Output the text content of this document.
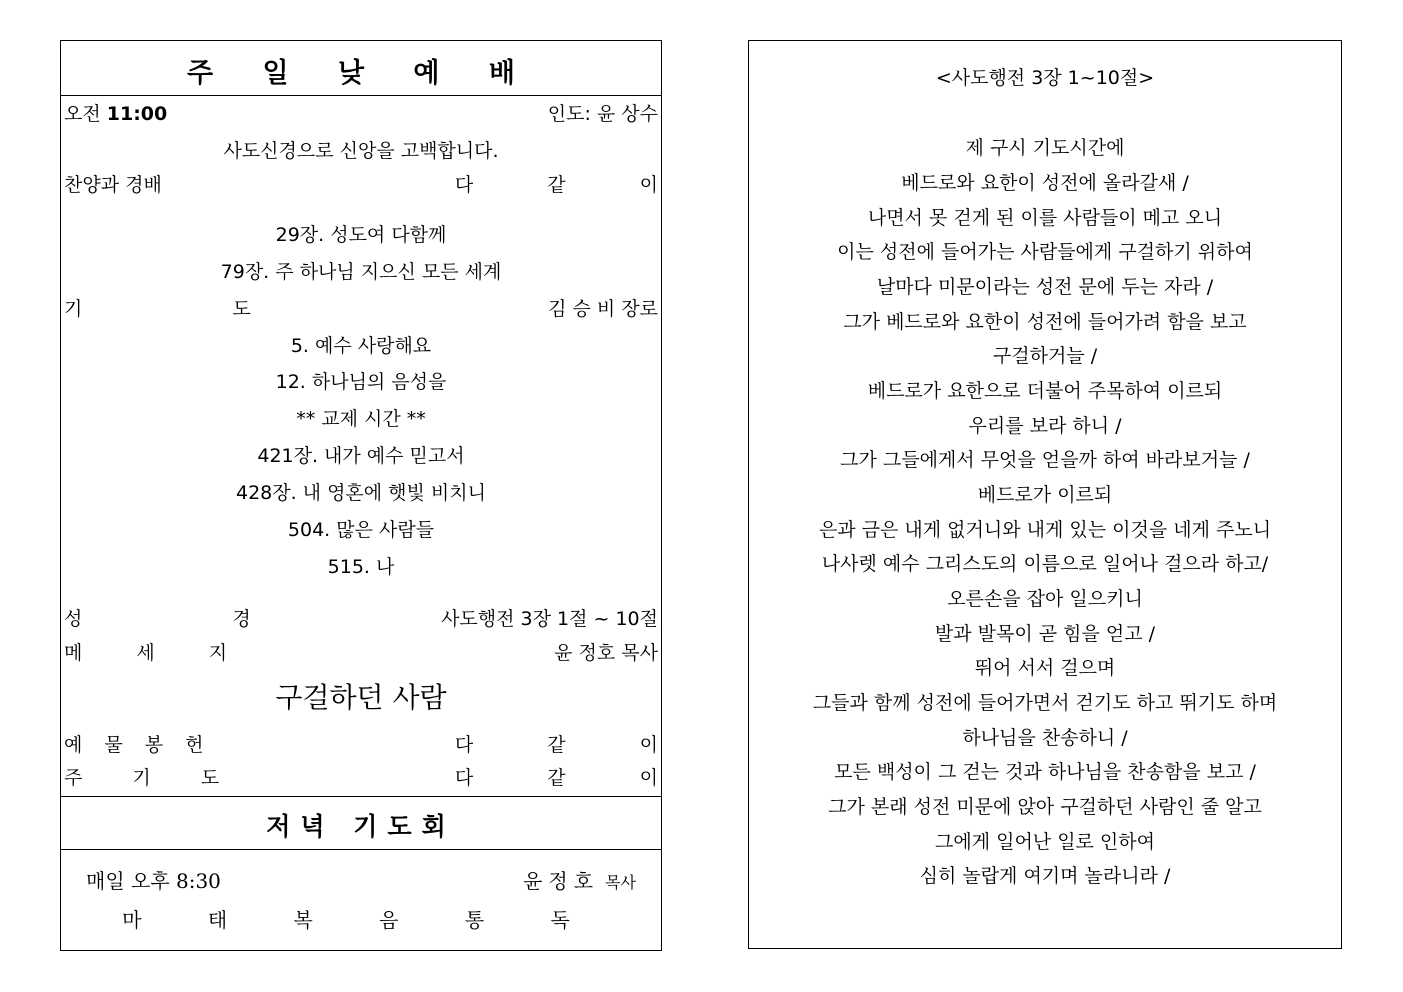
주 일 낮 예 배
오전 11:00	인도: 윤 상수
사도신경으로 신앙을 고백합니다.
찬양과 경배	다 같 이
29장. 성도여 다함께
79장. 주 하나님 지으신 모든 세계
기 도	김 승 비 장로
5. 예수 사랑해요
12. 하나님의 음성을
** 교제 시간 **
421장. 내가 예수 믿고서
428장. 내 영혼에 햇빛 비치니
504. 많은 사람들
515. 나
성 경	사도행전 3장 1절 ~ 10절
메 세 지	윤 정호 목사
구걸하던 사람
예 물 봉 헌	다 같 이
주 기 도	다 같 이
저녁 기도회
매일 오후 8:30	윤정호 목사
마 태 복 음 통 독
<사도행전 3장 1~10절>
제 구시 기도시간에
베드로와 요한이 성전에 올라갈새 /
나면서 못 걷게 된 이를 사람들이 메고 오니
이는 성전에 들어가는 사람들에게 구걸하기 위하여
날마다 미문이라는 성전 문에 두는 자라 /
그가 베드로와 요한이 성전에 들어가려 함을 보고
구걸하거늘 /
베드로가 요한으로 더불어 주목하여 이르되
우리를 보라 하니 /
그가 그들에게서 무엇을 얻을까 하여 바라보거늘 /
베드로가 이르되
은과 금은 내게 없거니와 내게 있는 이것을 네게 주노니
나사렛 예수 그리스도의 이름으로 일어나 걸으라 하고/
오른손을 잡아 일으키니
발과 발목이 곧 힘을 얻고 /
뛰어 서서 걸으며
그들과 함께 성전에 들어가면서 걷기도 하고 뛰기도 하며
하나님을 찬송하니 /
모든 백성이 그 걷는 것과 하나님을 찬송함을 보고 /
그가 본래 성전 미문에 앉아 구걸하던 사람인 줄 알고
그에게 일어난 일로 인하여
심히 놀랍게 여기며 놀라니라 /
